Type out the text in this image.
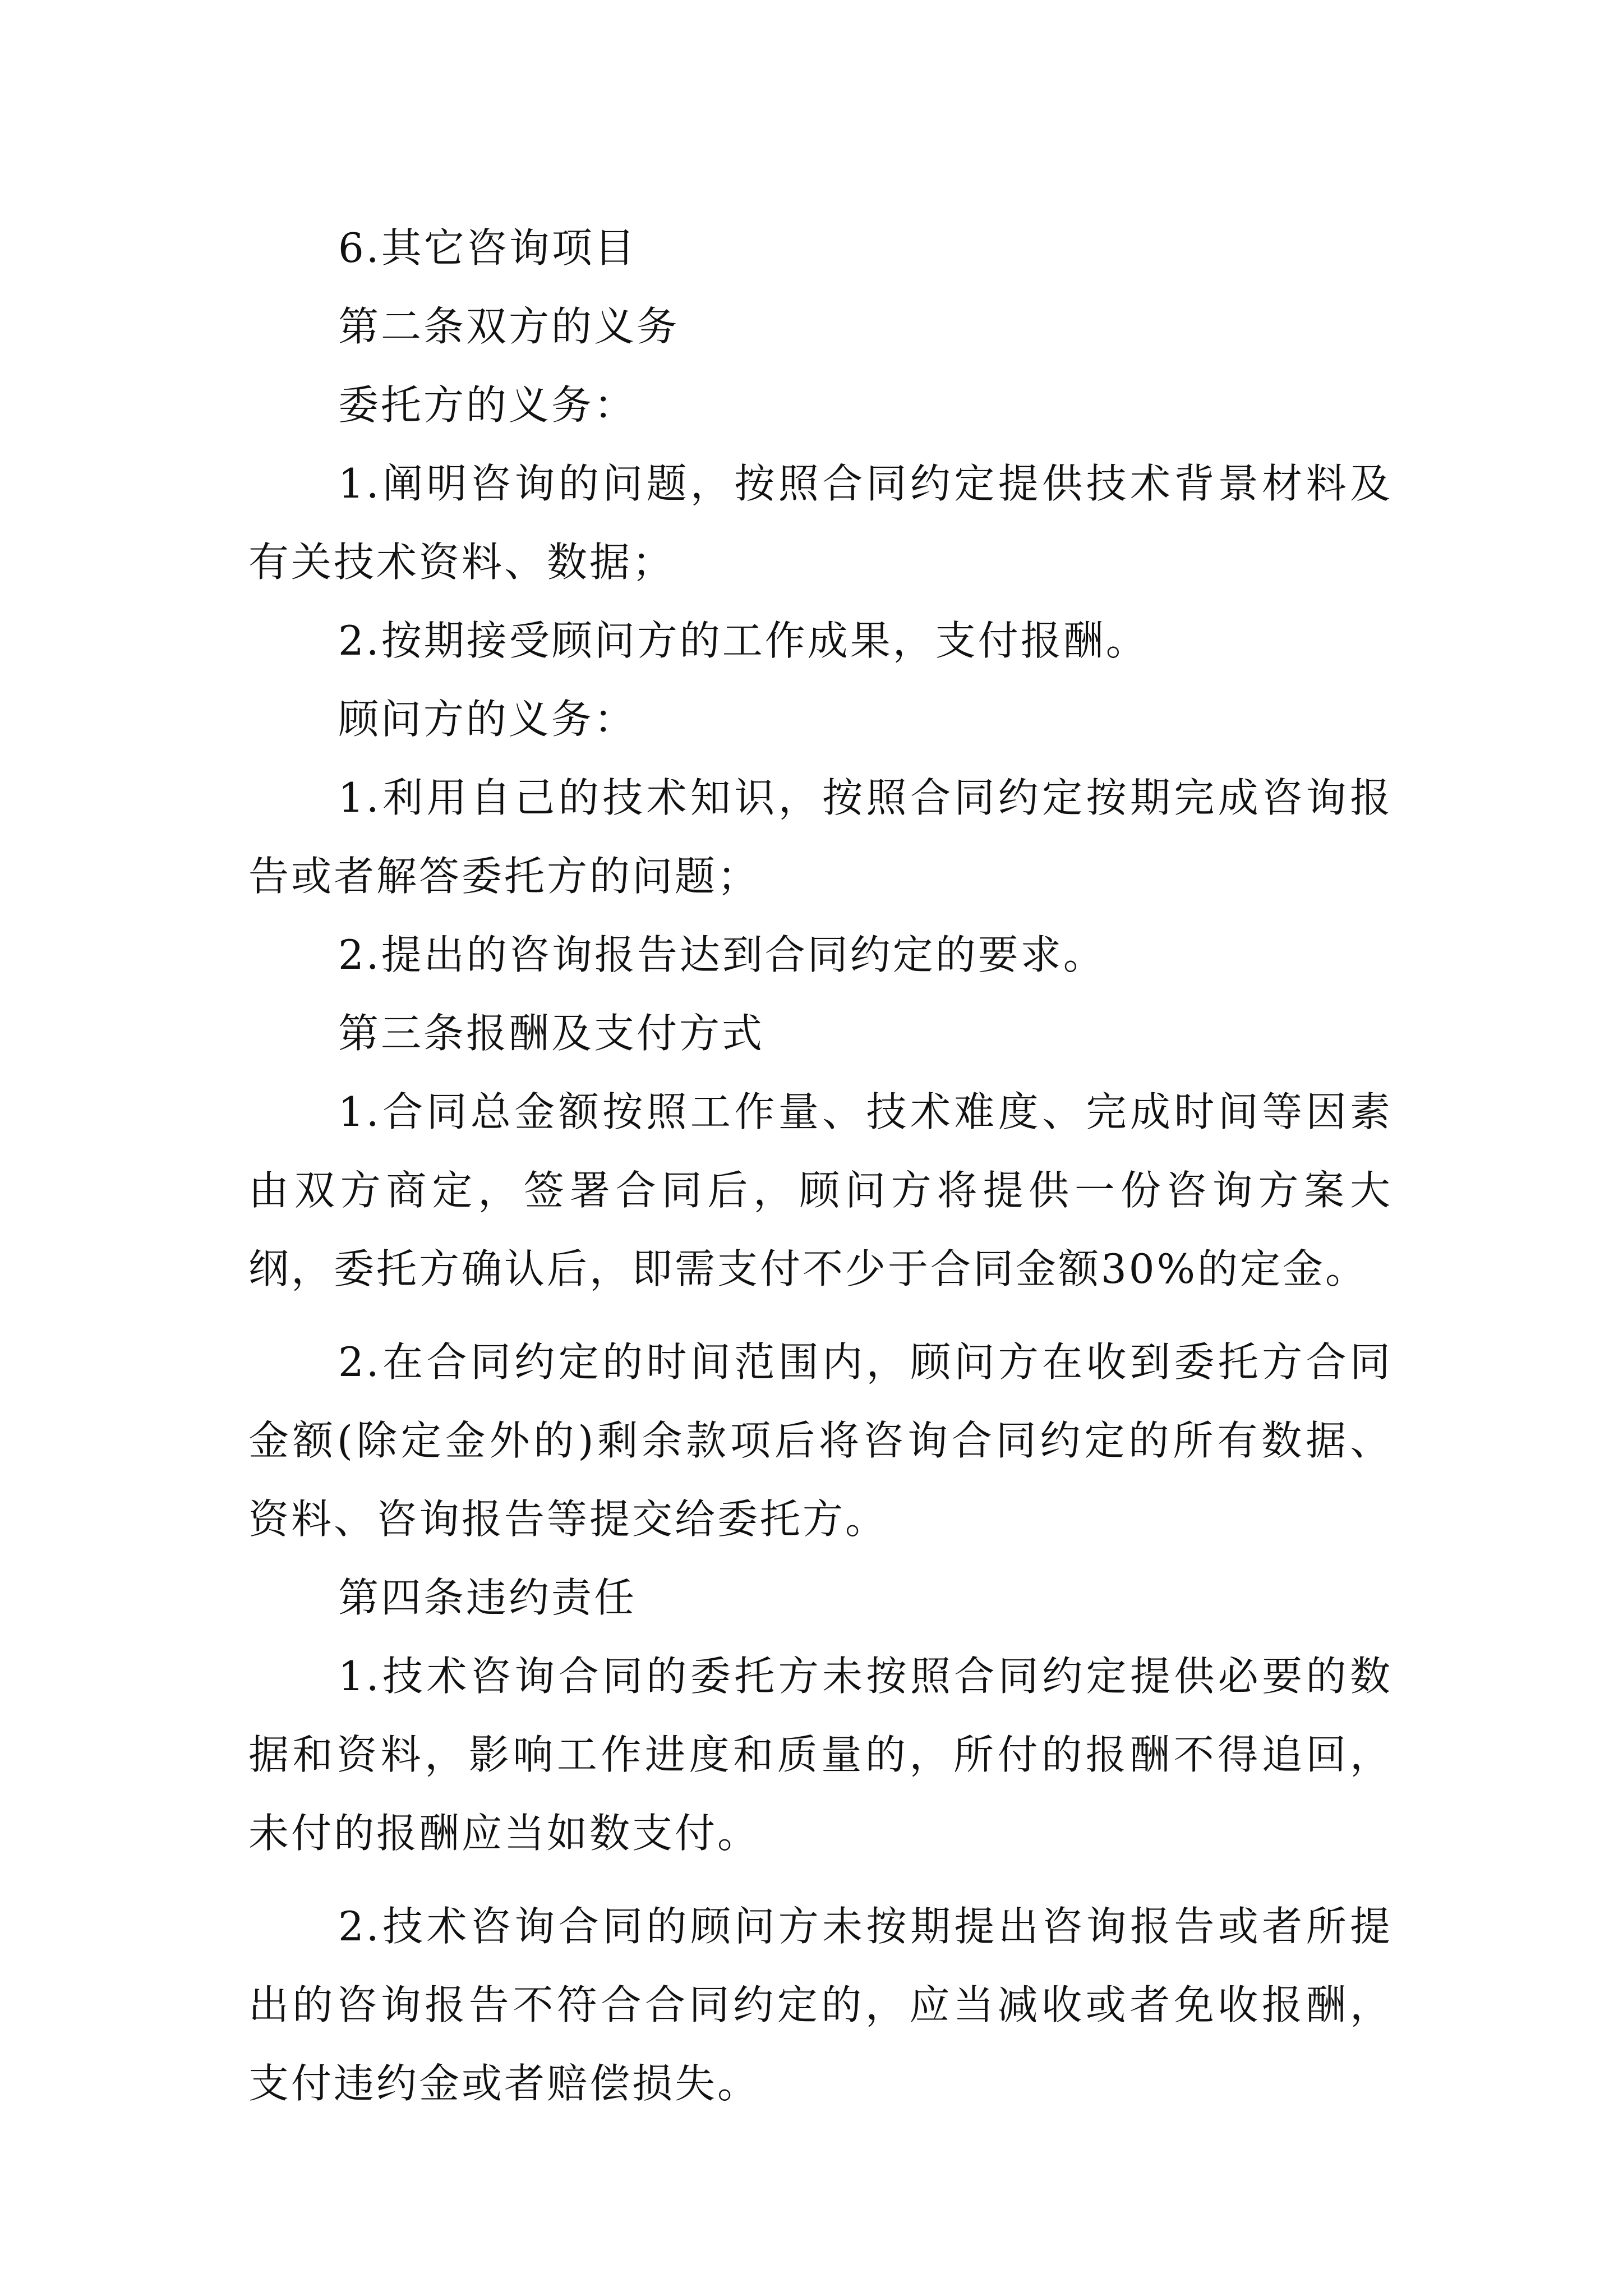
6.其它咨询项目

第二条双方的义务

委托方的义务：

1.阐明咨询的问题，按照合同约定提供技术背景材料及有关技术资料、数据；

2.按期接受顾问方的工作成果，支付报酬。

顾问方的义务：

1.利用自己的技术知识，按照合同约定按期完成咨询报告或者解答委托方的问题；

2.提出的咨询报告达到合同约定的要求。

第三条报酬及支付方式

1.合同总金额按照工作量、技术难度、完成时间等因素由双方商定，签署合同后，顾问方将提供一份咨询方案大纲，委托方确认后，即需支付不少于合同金额30%的定金。

2.在合同约定的时间范围内，顾问方在收到委托方合同金额(除定金外的)剩余款项后将咨询合同约定的所有数据、资料、咨询报告等提交给委托方。

第四条违约责任

1.技术咨询合同的委托方未按照合同约定提供必要的数据和资料，影响工作进度和质量的，所付的报酬不得追回，未付的报酬应当如数支付。

2.技术咨询合同的顾问方未按期提出咨询报告或者所提出的咨询报告不符合合同约定的，应当减收或者免收报酬，支付违约金或者赔偿损失。
